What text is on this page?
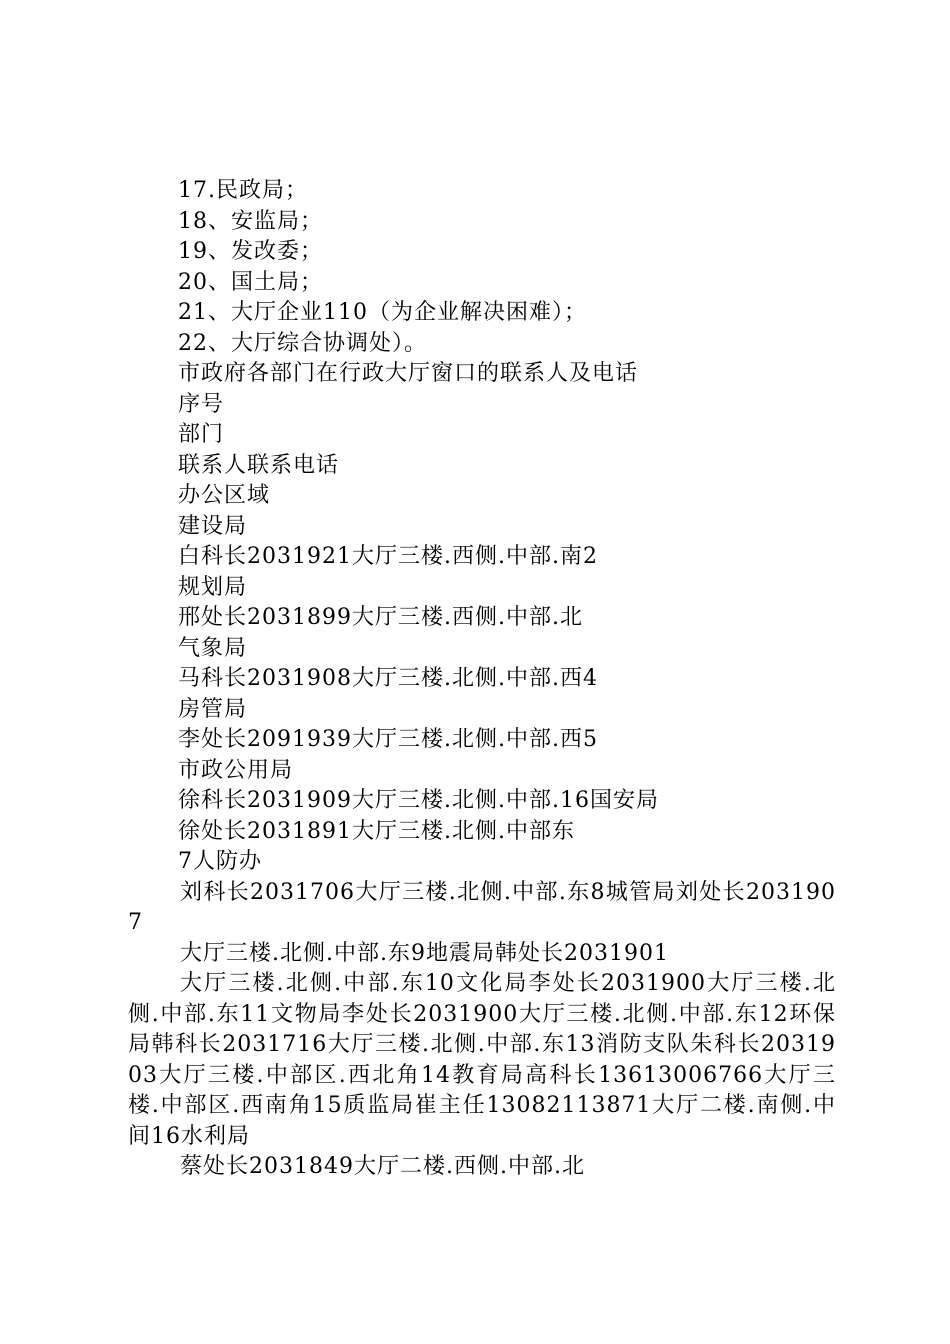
17.民政局；
18、安监局；
19、发改委；
20、国土局；
21、大厅企业110（为企业解决困难）；
22、大厅综合协调处）。
市政府各部门在行政大厅窗口的联系人及电话
序号
部门
联系人联系电话
办公区域
建设局
白科长2031921大厅三楼.西侧.中部.南2
规划局
邢处长2031899大厅三楼.西侧.中部.北
气象局
马科长2031908大厅三楼.北侧.中部.西4
房管局
李处长2091939大厅三楼.北侧.中部.西5
市政公用局
徐科长2031909大厅三楼.北侧.中部.16国安局
徐处长2031891大厅三楼.北侧.中部东
7人防办
刘科长2031706大厅三楼.北侧.中部.东8城管局刘处长2031907
大厅三楼.北侧.中部.东9地震局韩处长2031901
大厅三楼.北侧.中部.东10文化局李处长2031900大厅三楼.北侧.中部.东11文物局李处长2031900大厅三楼.北侧.中部.东12环保局韩科长2031716大厅三楼.北侧.中部.东13消防支队朱科长2031903大厅三楼.中部区.西北角14教育局高科长13613006766大厅三楼.中部区.西南角15质监局崔主任13082113871大厅二楼.南侧.中间16水利局
蔡处长2031849大厅二楼.西侧.中部.北
